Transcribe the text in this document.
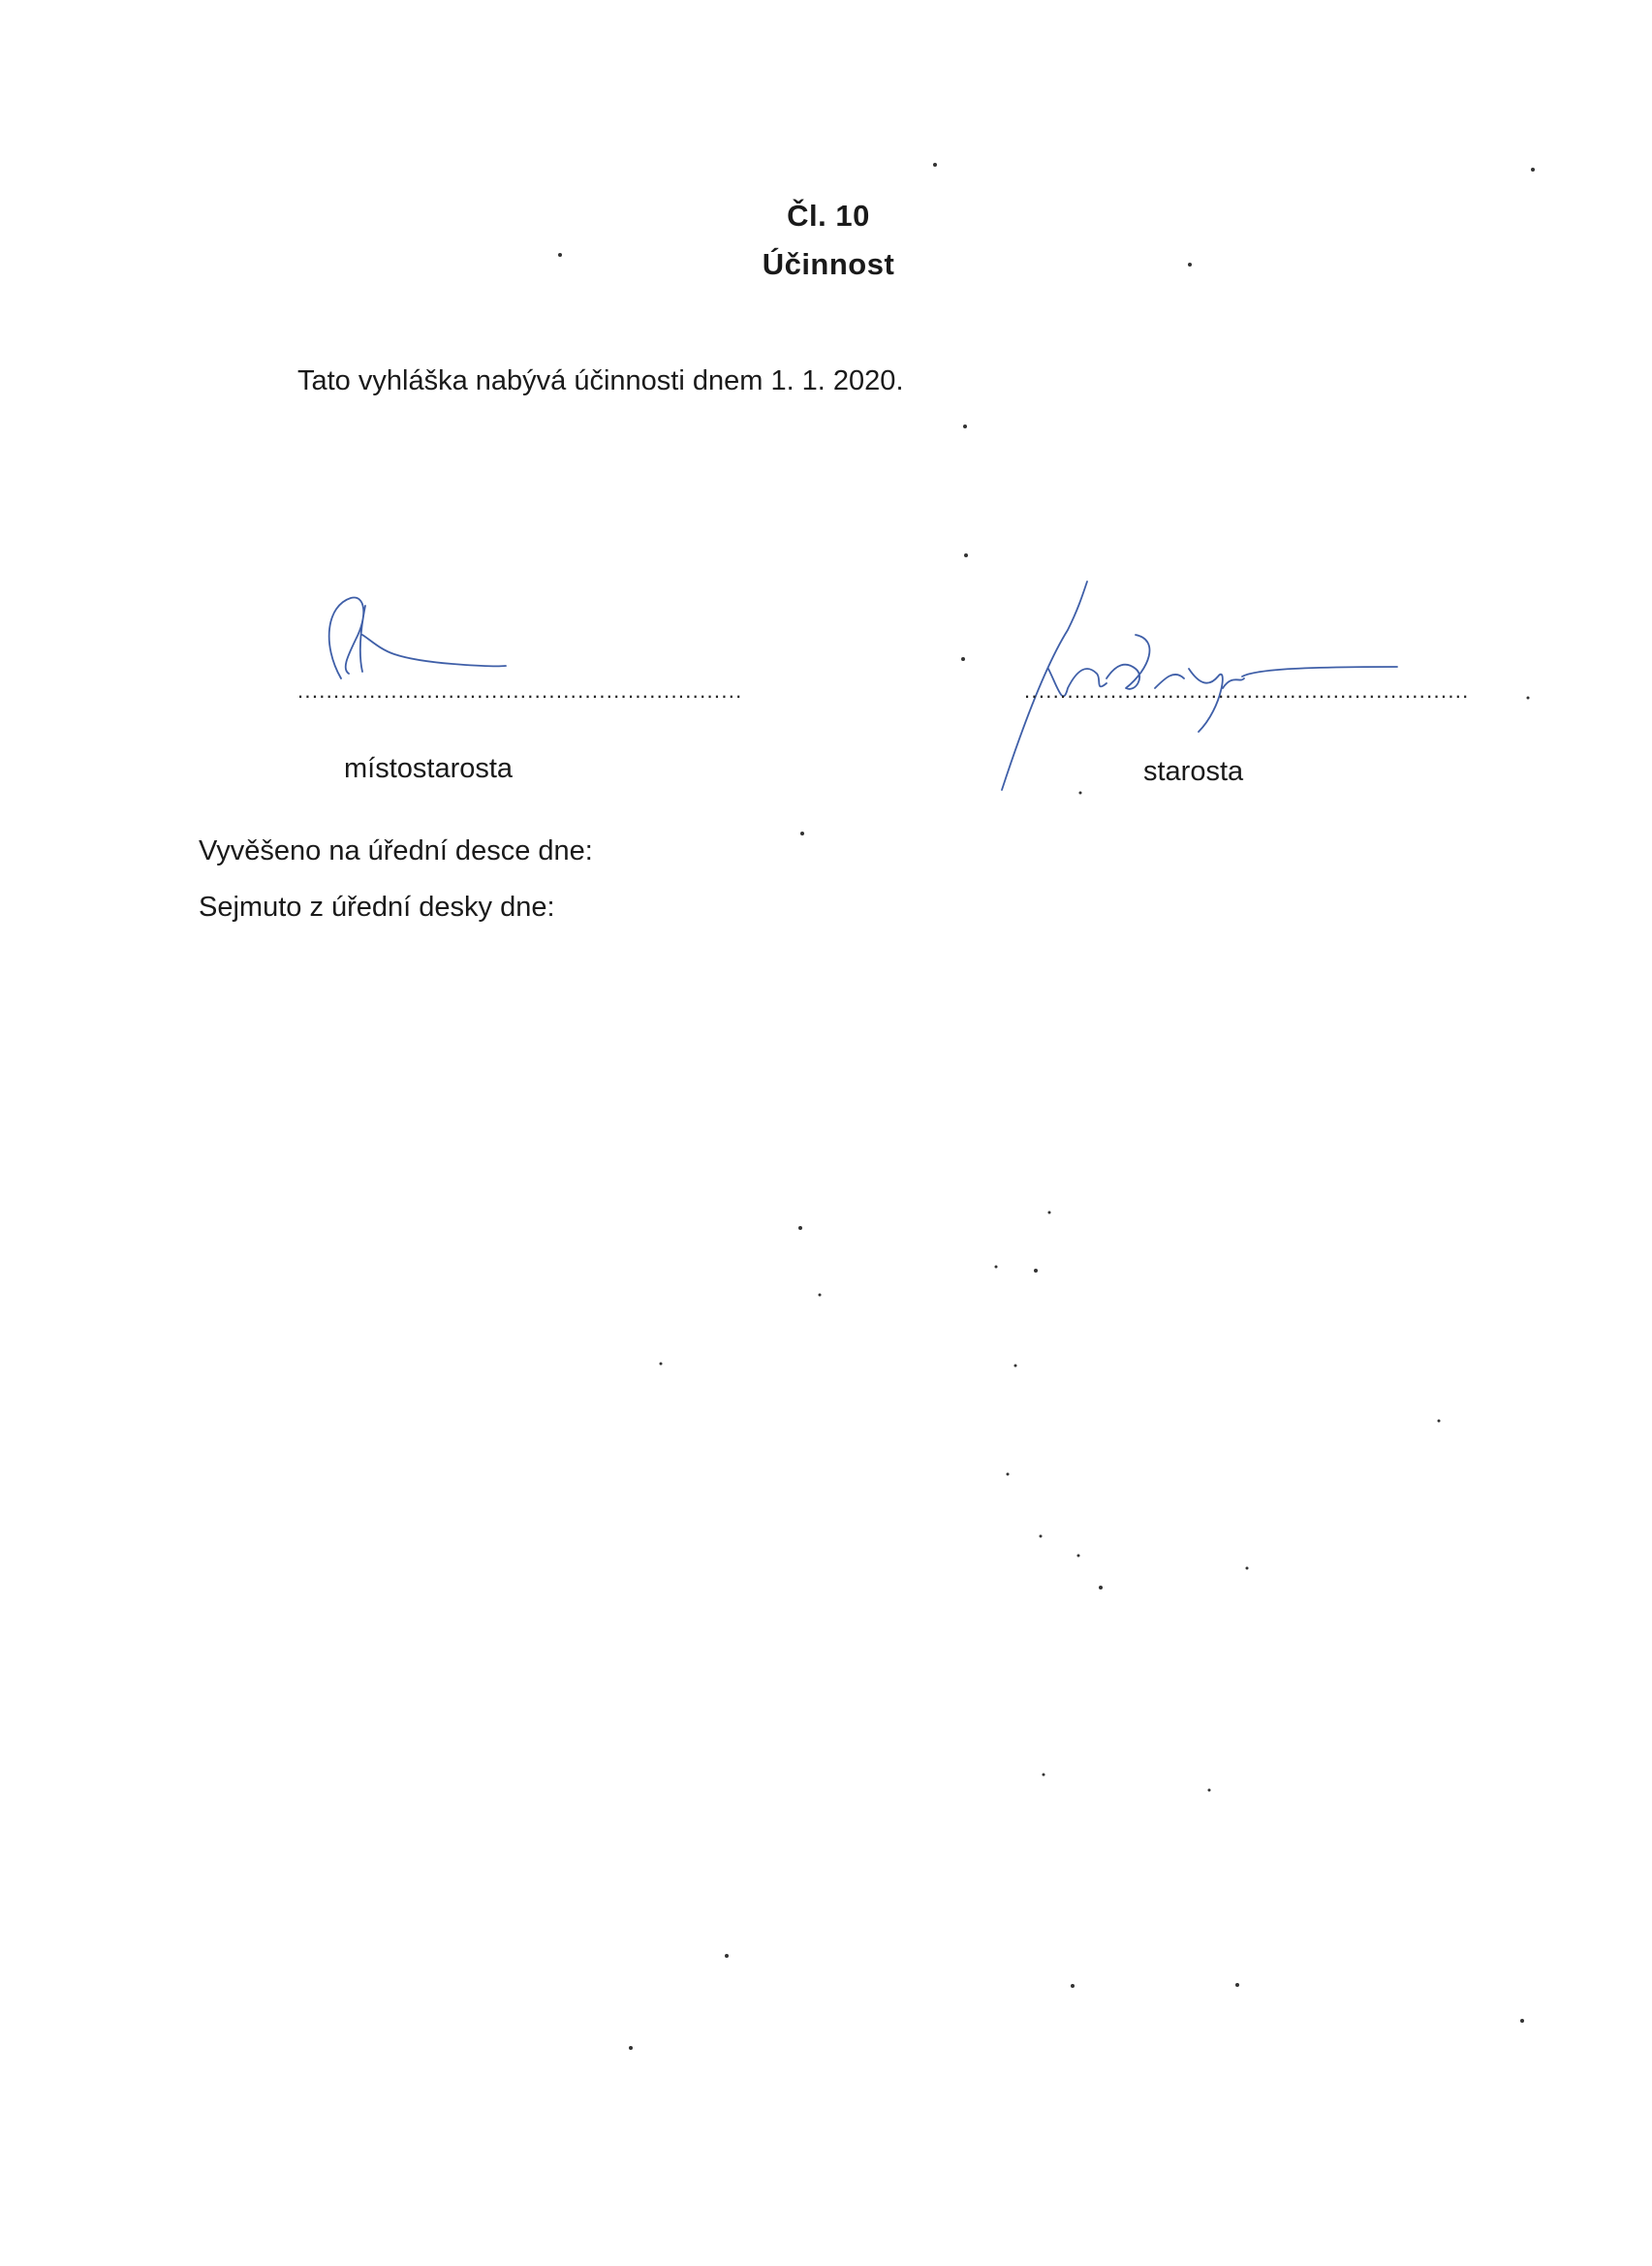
Čl. 10
Účinnost
Tato vyhláška nabývá účinnosti dnem 1. 1. 2020.
..............................................................
místostarosta
..............................................................
starosta
Vyvěšeno na úřední desce dne:
Sejmuto z úřední desky dne:
